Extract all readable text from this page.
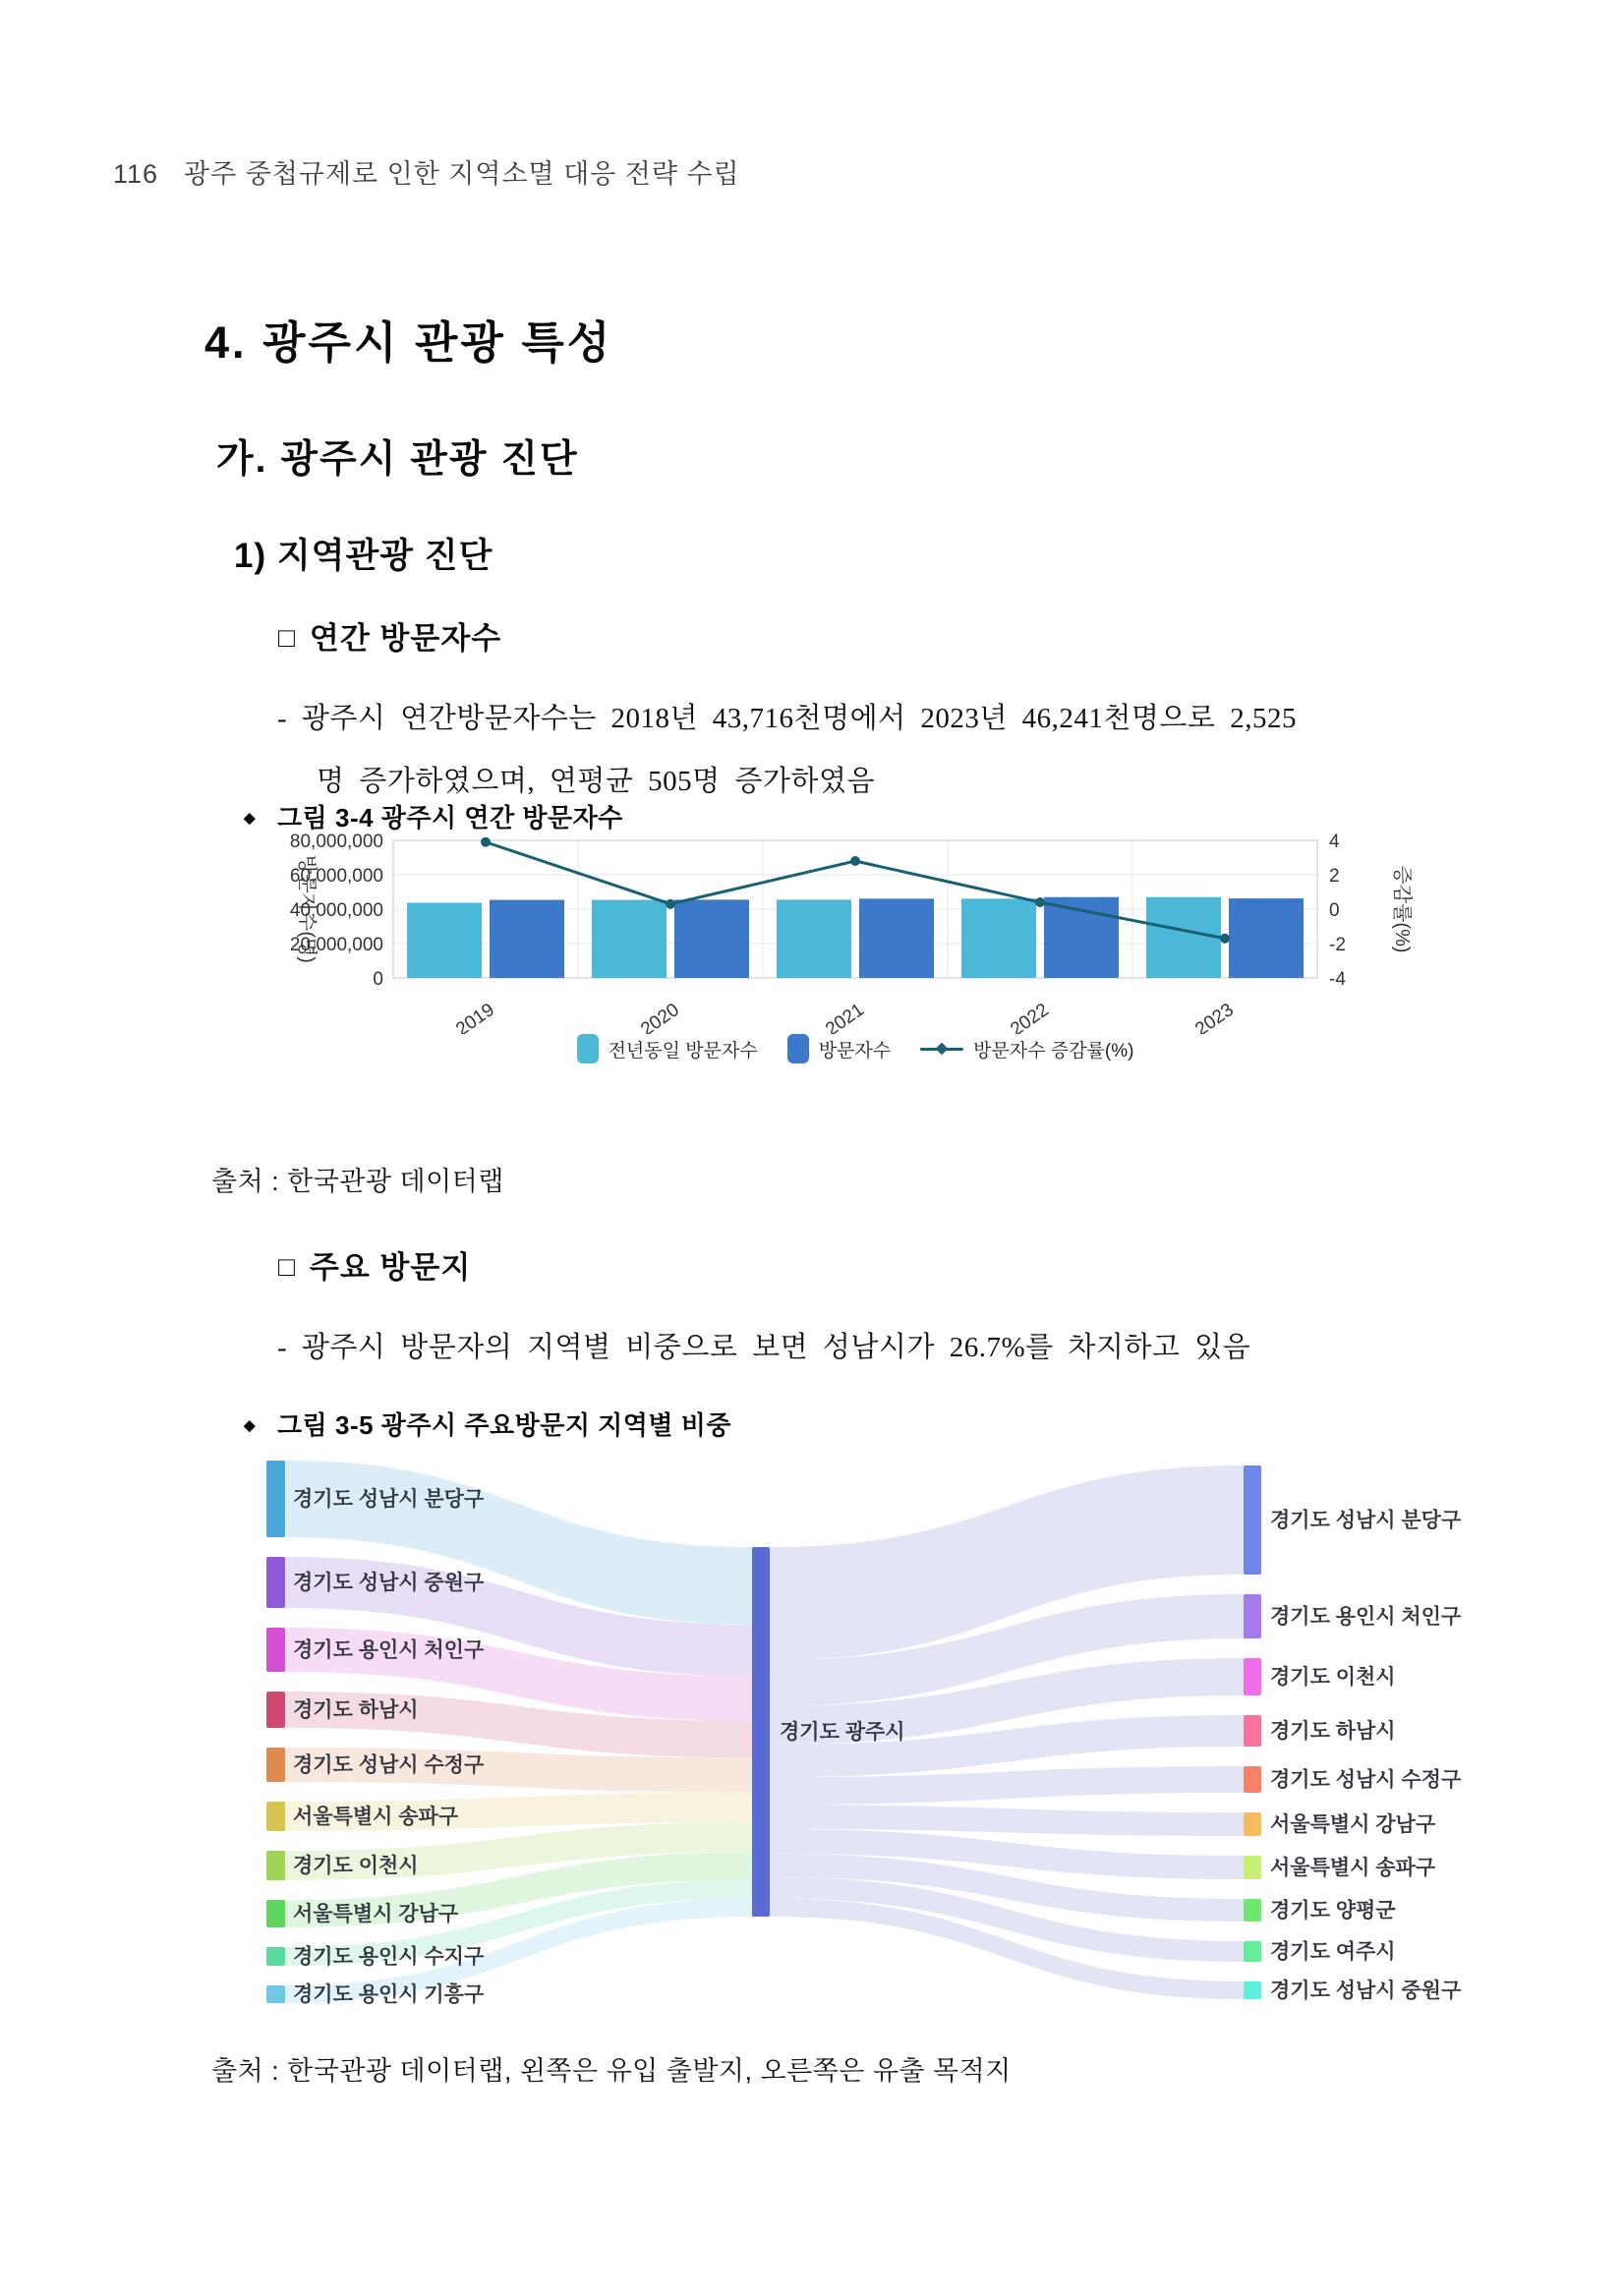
116 광주 중첩규제로 인한 지역소멸 대응 전략 수립
4. 광주시 관광 특성
가. 광주시 관광 진단
1) 지역관광 진단
□ 연간 방문자수
- 광주시 연간방문자수는 2018년 43,716천명에서 2023년 46,241천명으로 2,525
명 증가하였으며, 연평균 505명 증가하였음
◆ 그림 3-4 광주시 연간 방문자수
0
20,000,000
40,000,000
60,000,000
80,000,000
-4
-2
0
2
4
방문자수(명)	증감률(%)
2019	2020	2021	2022	2023
전년동일 방문자수	방문자수	방문자수 증감률(%)
출처 : 한국관광 데이터랩
□ 주요 방문지
- 광주시 방문자의 지역별 비중으로 보면 성남시가 26.7%를 차지하고 있음
◆ 그림 3-5 광주시 주요방문지 지역별 비중
경기도 성남시 분당구
경기도 성남시 중원구
경기도 용인시 처인구
경기도 하남시
경기도 성남시 수정구
서울특별시 송파구
경기도 이천시
서울특별시 강남구
경기도 용인시 수지구
경기도 용인시 기흥구
경기도 성남시 분당구
경기도 용인시 처인구
경기도 이천시
경기도 하남시
경기도 성남시 수정구
서울특별시 강남구
서울특별시 송파구
경기도 양평군
경기도 여주시
경기도 성남시 중원구
경기도 광주시
출처 : 한국관광 데이터랩, 왼쪽은 유입 출발지, 오른쪽은 유출 목적지
